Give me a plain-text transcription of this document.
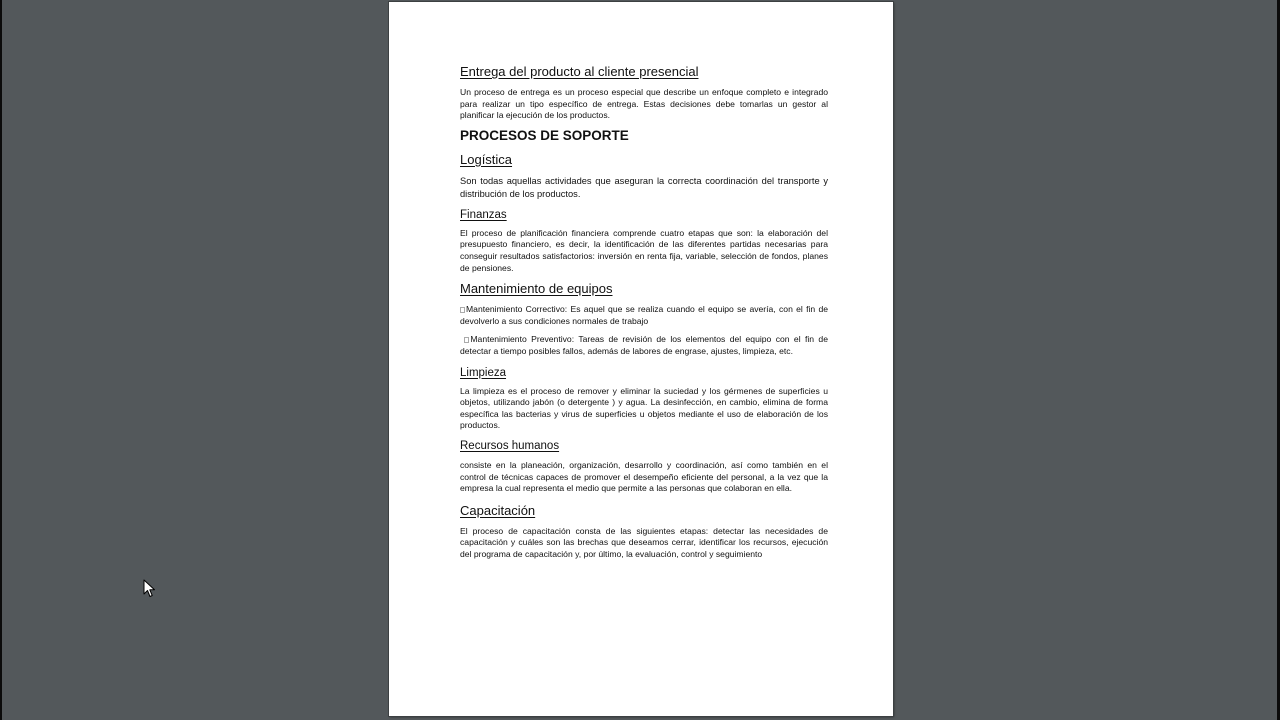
Entrega del producto al cliente presencial

Un proceso de entrega es un proceso especial que describe un enfoque completo e integrado para realizar un tipo específico de entrega. Estas decisiones debe tomarlas un gestor al planificar la ejecución de los productos.

PROCESOS DE SOPORTE
Logística

Son todas aquellas actividades que aseguran la correcta coordinación del transporte y distribución de los productos.

Finanzas

El proceso de planificación financiera comprende cuatro etapas que son: la elaboración del presupuesto financiero, es decir, la identificación de las diferentes partidas necesarias para conseguir resultados satisfactorios: inversión en renta fija, variable, selección de fondos, planes de pensiones.

Mantenimiento de equipos

Mantenimiento Correctivo: Es aquel que se realiza cuando el equipo se avería, con el fin de devolverlo a sus condiciones normales de trabajo

Mantenimiento Preventivo: Tareas de revisión de los elementos del equipo con el fin de detectar a tiempo posibles fallos, además de labores de engrase, ajustes, limpieza, etc.

Limpieza

La limpieza es el proceso de remover y eliminar la suciedad y los gérmenes de superficies u objetos, utilizando jabón (o detergente ) y agua. La desinfección, en cambio, elimina de forma específica las bacterias y virus de superficies u objetos mediante el uso de elaboración de los productos.

Recursos humanos

consiste en la planeación, organización, desarrollo y coordinación, así como también en el control de técnicas capaces de promover el desempeño eficiente del personal, a la vez que la empresa la cual representa el medio que permite a las personas que colaboran en ella.

Capacitación

El proceso de capacitación consta de las siguientes etapas: detectar las necesidades de capacitación y cuáles son las brechas que deseamos cerrar, identificar los recursos, ejecución del programa de capacitación y, por último, la evaluación, control y seguimiento
